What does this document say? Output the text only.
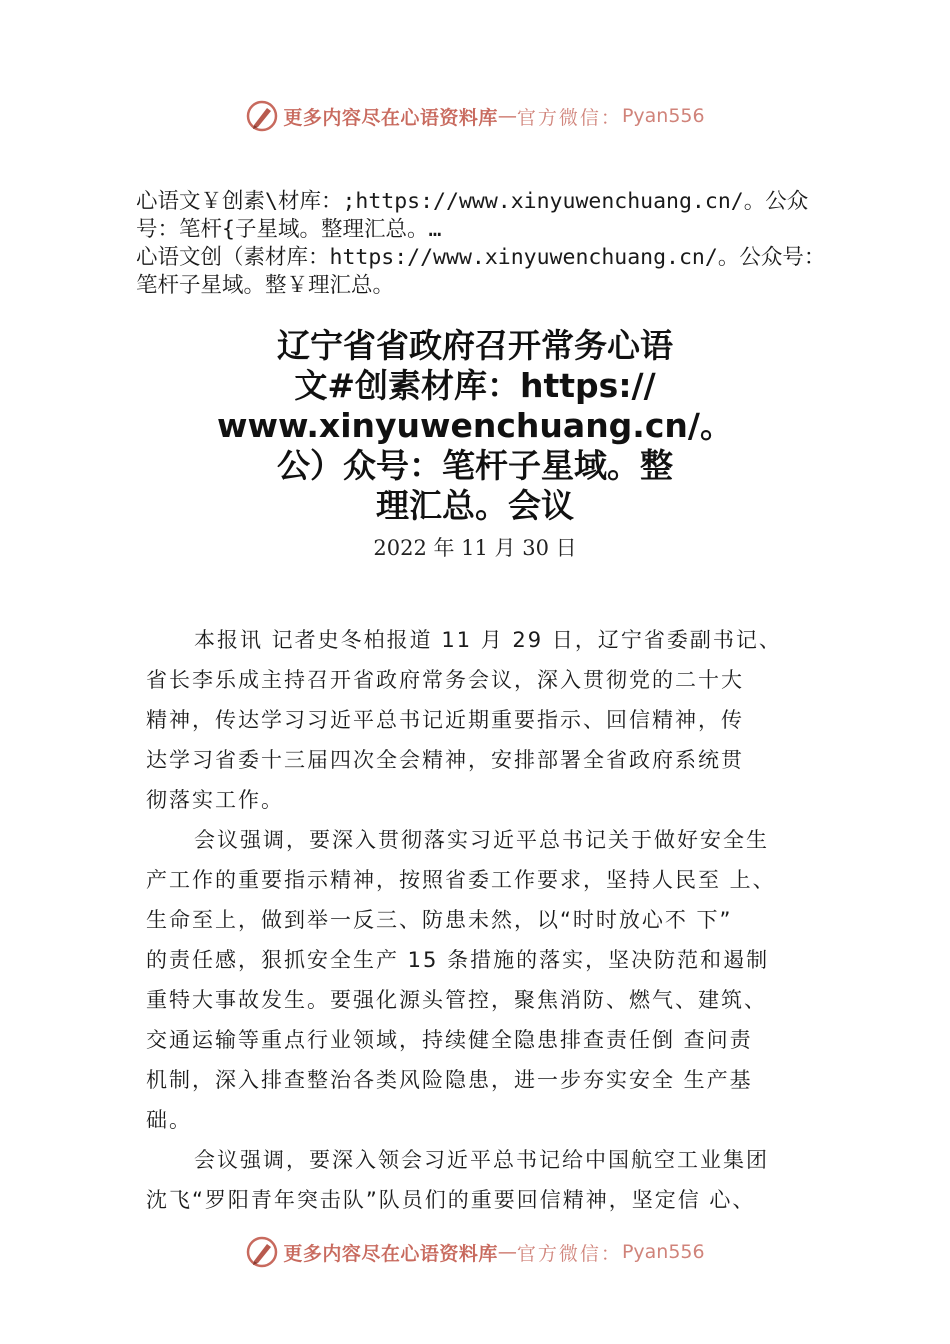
更多内容尽在心语资料库 — 官方微信： Pyan556

心语文￥创素\材库：;https://www.xinyuwenchuang.cn/。公众号：笔杆{子星域。整理汇总。…

心语文创（素材库：https://www.xinyuwenchuang.cn/。公众号：笔杆子星域。整￥理汇总。

辽宁省省政府召开常务心语
文#创素材库：https://
www.xinyuwenchuang.cn/。
公）众号：笔杆子星域。整
理汇总。会议
2022 年 11 月 30 日
本报讯 记者史冬柏报道 11 月 29 日，辽宁省委副书记、
省长李乐成主持召开省政府常务会议，深入贯彻党的二十大
精神，传达学习习近平总书记近期重要指示、回信精神，传
达学习省委十三届四次全会精神，安排部署全省政府系统贯
彻落实工作。
会议强调，要深入贯彻落实习近平总书记关于做好安全生
产工作的重要指示精神，按照省委工作要求，坚持人民至 上、
生命至上，做到举一反三、防患未然，以“时时放心不 下”
的责任感，狠抓安全生产 15 条措施的落实，坚决防范和遏制
重特大事故发生。要强化源头管控，聚焦消防、燃气、建筑、
交通运输等重点行业领域，持续健全隐患排查责任倒 查问责
机制，深入排查整治各类风险隐患，进一步夯实安全 生产基
础。
会议强调，要深入领会习近平总书记给中国航空工业集团
沈飞“罗阳青年突击队”队员们的重要回信精神，坚定信 心、
更多内容尽在心语资料库 — 官方微信： Pyan556
